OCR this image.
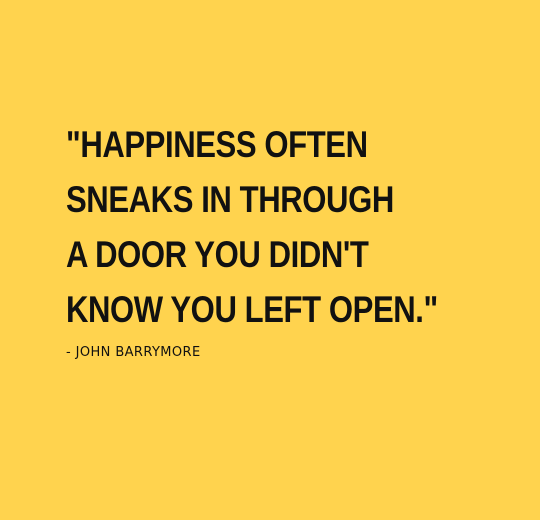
"HAPPINESS OFTEN
SNEAKS IN THROUGH
A DOOR YOU DIDN'T
KNOW YOU LEFT OPEN."

- JOHN BARRYMORE
